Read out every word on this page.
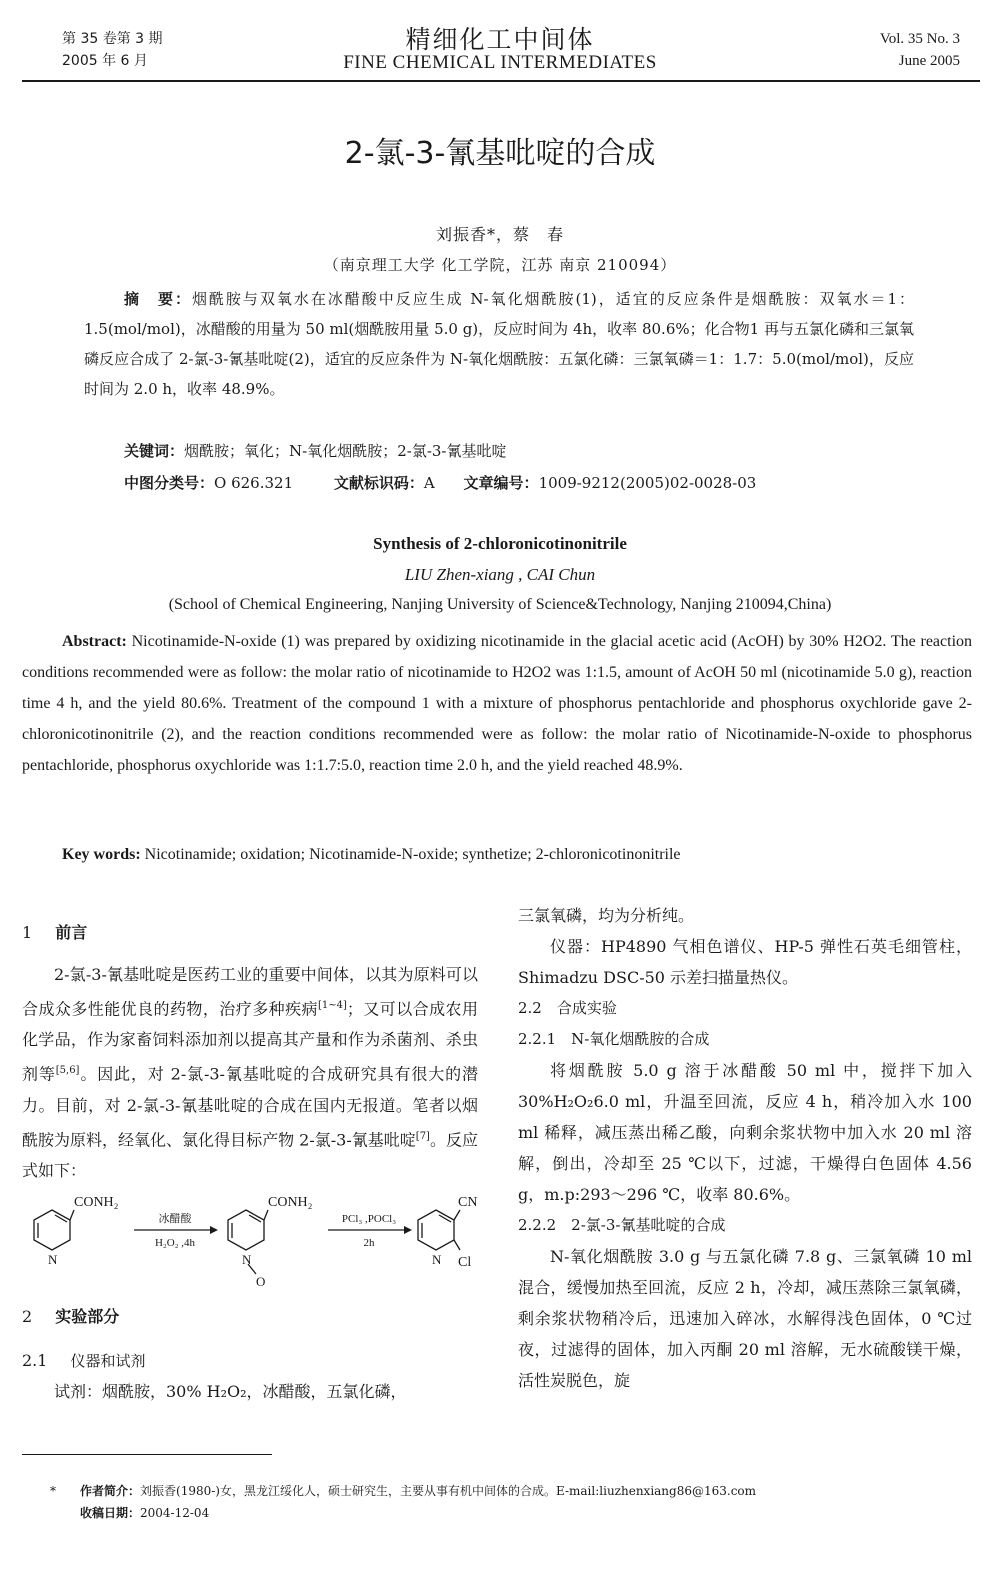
第 35 卷第 3 期
2005 年 6 月
精细化工中间体
FINE CHEMICAL INTERMEDIATES
Vol. 35 No. 3
June 2005
2-氯-3-氰基吡啶的合成
刘振香*，蔡　春
（南京理工大学 化工学院，江苏 南京 210094）

摘　要：烟酰胺与双氧水在冰醋酸中反应生成 N-氧化烟酰胺(1)，适宜的反应条件是烟酰胺：双氧水＝1：1.5(mol/mol)，冰醋酸的用量为 50 ml(烟酰胺用量 5.0 g)，反应时间为 4h，收率 80.6%；化合物1 再与五氯化磷和三氯氧磷反应合成了 2-氯-3-氰基吡啶(2)，适宜的反应条件为 N-氧化烟酰胺：五氯化磷：三氯氧磷＝1：1.7：5.0(mol/mol)，反应时间为 2.0 h，收率 48.9%。

关键词：烟酰胺；氧化；N-氧化烟酰胺；2-氯-3-氰基吡啶
中图分类号：O 626.321	文献标识码：A 文章编号：1009-9212(2005)02-0028-03
Synthesis of 2-chloronicotinonitrile
LIU Zhen-xiang , CAI Chun
(School of Chemical Engineering, Nanjing University of Science&Technology, Nanjing 210094,China)

Abstract: Nicotinamide-N-oxide (1) was prepared by oxidizing nicotinamide in the glacial acetic acid (AcOH) by 30% H2O2. The reaction conditions recommended were as follow: the molar ratio of nicotinamide to H2O2 was 1:1.5, amount of AcOH 50 ml (nicotinamide 5.0 g), reaction time 4 h, and the yield 80.6%. Treatment of the compound 1 with a mixture of phosphorus pentachloride and phosphorus oxychloride gave 2-chloronicotinonitrile (2), and the reaction conditions recommended were as follow: the molar ratio of Nicotinamide-N-oxide to phosphorus pentachloride, phosphorus oxychloride was 1:1.7:5.0, reaction time 2.0 h, and the yield reached 48.9%.

Key words: Nicotinamide; oxidation; Nicotinamide-N-oxide; synthetize; 2-chloronicotinonitrile
1 前言

2-氯-3-氰基吡啶是医药工业的重要中间体，以其为原料可以合成众多性能优良的药物，治疗多种疾病[1~4]；又可以合成农用化学品，作为家畜饲料添加剂以提高其产量和作为杀菌剂、杀虫剂等[5,6]。因此，对 2-氯-3-氰基吡啶的合成研究具有很大的潜力。目前，对 2-氯-3-氰基吡啶的合成在国内无报道。笔者以烟酰胺为原料，经氧化、氯化得目标产物 2-氯-3-氰基吡啶[7]。反应式如下：

CONH₂
N
冰醋酸
H₂O₂ ,4h
CONH₂
N
O
PCl₃ ,POCl₃
2h
CN
Cl
N
2 实验部分
2.1 仪器和试剂

试剂：烟酰胺，30% H₂O₂，冰醋酸，五氯化磷，

三氯氧磷，均为分析纯。

仪器：HP4890 气相色谱仪、HP-5 弹性石英毛细管柱，Shimadzu DSC-50 示差扫描量热仪。

2.2　合成实验

2.2.1　N-氧化烟酰胺的合成

将烟酰胺 5.0 g 溶于冰醋酸 50 ml 中，搅拌下加入 30%H₂O₂6.0 ml，升温至回流，反应 4 h，稍冷加入水 100 ml 稀释，减压蒸出稀乙酸，向剩余浆状物中加入水 20 ml 溶解，倒出，冷却至 25 ℃以下，过滤，干燥得白色固体 4.56 g，m.p:293～296 ℃，收率 80.6%。

2.2.2　2-氯-3-氰基吡啶的合成

N-氧化烟酰胺 3.0 g 与五氯化磷 7.8 g、三氯氧磷 10 ml 混合，缓慢加热至回流，反应 2 h，冷却，减压蒸除三氯氧磷，剩余浆状物稍冷后，迅速加入碎冰，水解得浅色固体，0 ℃过夜，过滤得的固体，加入丙酮 20 ml 溶解，无水硫酸镁干燥，活性炭脱色，旋

* 作者简介：刘振香(1980-)女，黑龙江绥化人，硕士研究生，主要从事有机中间体的合成。E-mail:liuzhenxiang86@163.com
收稿日期：2004-12-04
